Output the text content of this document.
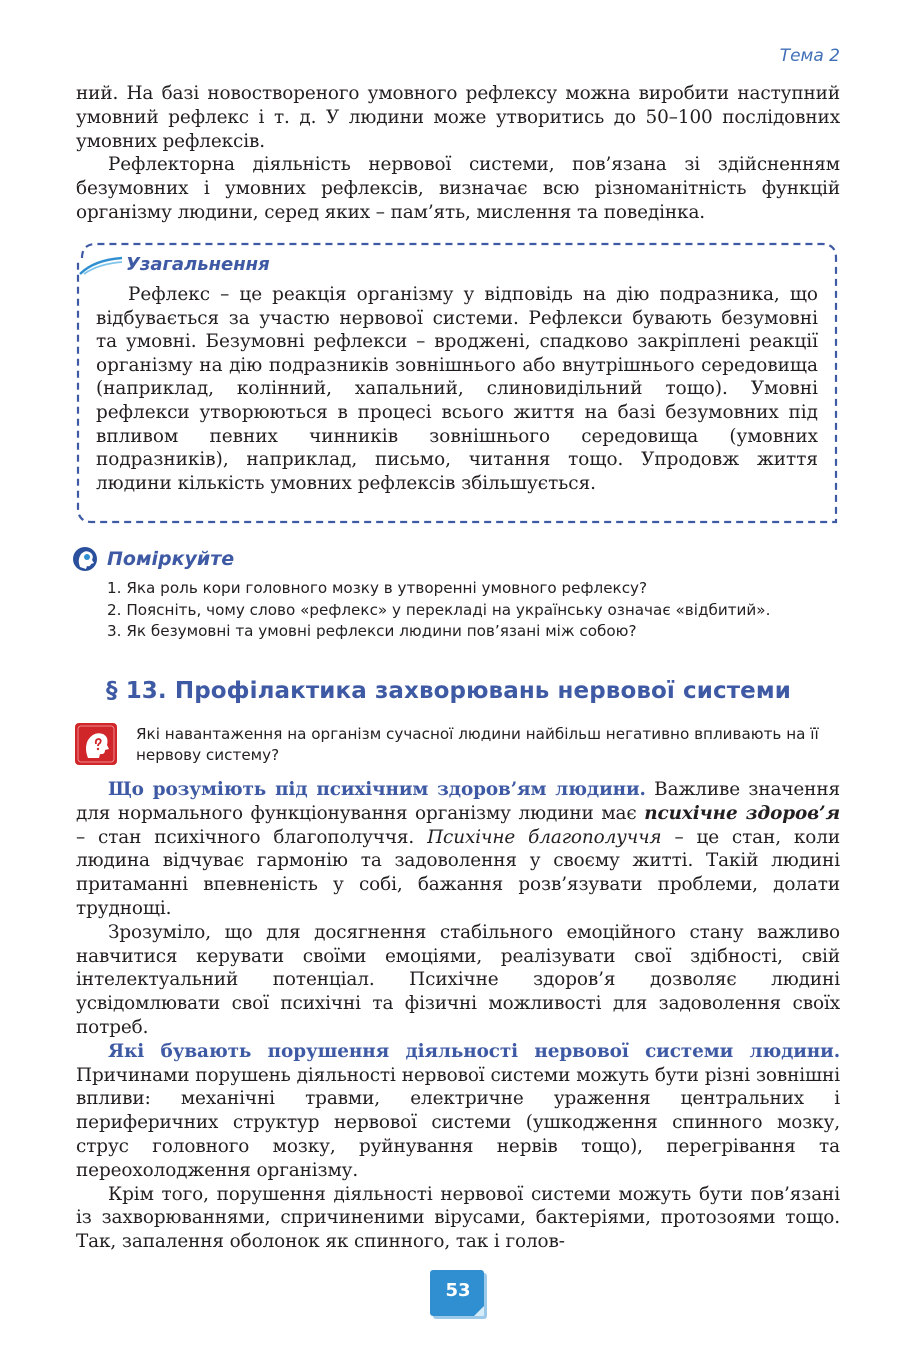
Тема 2

ний. На базі новоствореного умовного рефлексу можна виробити наступний умовний рефлекс і т. д. У людини може утворитись до 50–100 послідовних умовних рефлексів.

Рефлекторна діяльність нервової системи, пов’язана зі здійсненням безумовних і умовних рефлексів, визначає всю різноманітність функцій організму людини, серед яких – пам’ять, мислення та поведінка.

Узагальнення

Рефлекс – це реакція організму у відповідь на дію подразника, що відбувається за участю нервової системи. Рефлекси бувають безумовні та умовні. Безумовні рефлекси – вроджені, спадково закріплені реакції організму на дію подразників зовнішнього або внутрішнього середовища (наприклад, колінний, хапальний, слиновидільний тощо). Умовні рефлекси утворюються в процесі всього життя на базі безумовних під впливом певних чинників зовнішнього середовища (умовних подразників), наприклад, письмо, читання тощо. Упродовж життя людини кількість умовних рефлексів збільшується.

Поміркуйте
1. Яка роль кори головного мозку в утворенні умовного рефлексу?
2. Поясніть, чому слово «рефлекс» у перекладі на українську означає «відбитий».
3. Як безумовні та умовні рефлекси людини пов’язані між собою?
§ 13. Профілактика захворювань нервової системи

Які навантаження на організм сучасної людини найбільш негативно впливають на її нервову систему?

Що розуміють під психічним здоров’ям людини. Важливе значення для нормального функціонування організму людини має психічне здоров’я – стан психічного благополуччя. Психічне благополуччя – це стан, коли людина відчуває гармонію та задоволення у своєму житті. Такій людині притаманні впевненість у собі, бажання розв’язувати проблеми, долати труднощі.

Зрозуміло, що для досягнення стабільного емоційного стану важливо навчитися керувати своїми емоціями, реалізувати свої здібності, свій інтелектуальний потенціал. Психічне здоров’я дозволяє людині усвідомлювати свої психічні та фізичні можливості для задоволення своїх потреб.

Які бувають порушення діяльності нервової системи людини. Причинами порушень діяльності нервової системи можуть бути різні зовнішні впливи: механічні травми, електричне ураження центральних і периферичних структур нервової системи (ушкодження спинного мозку, струс головного мозку, руйнування нервів тощо), перегрівання та переохолодження організму.

Крім того, порушення діяльності нервової системи можуть бути пов’язані із захворюваннями, спричиненими вірусами, бактеріями, протозоями тощо. Так, запалення оболонок як спинного, так і голов-

53
